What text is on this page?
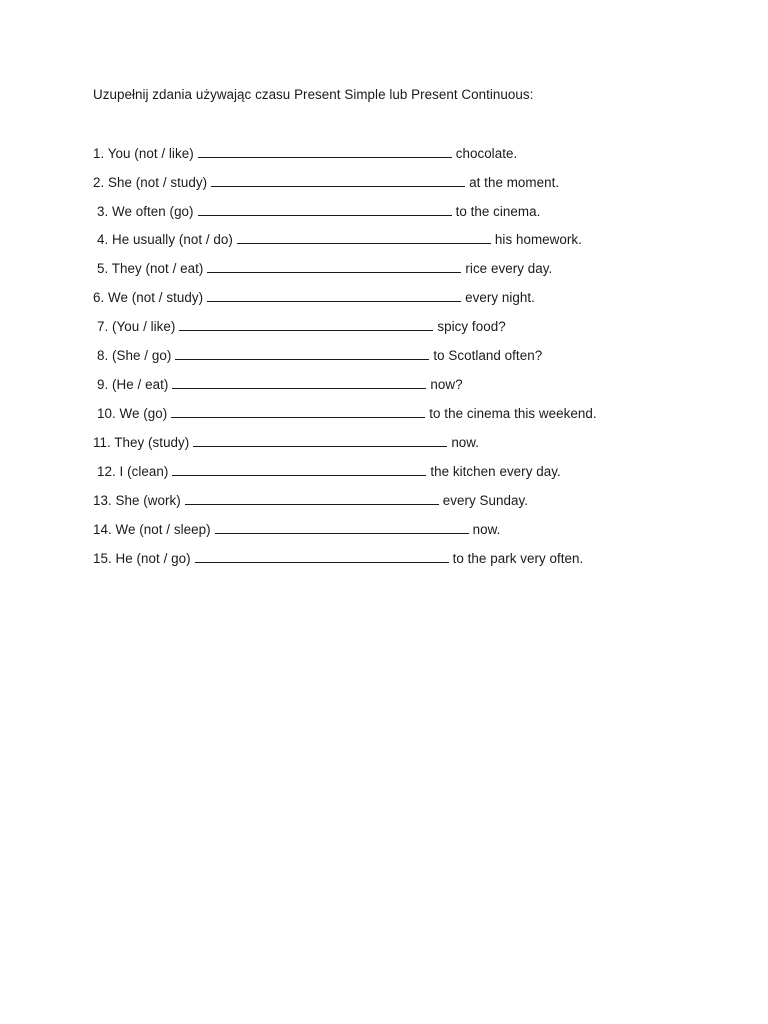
Uzupełnij zdania używając czasu Present Simple lub Present Continuous:
1. You (not / like)	chocolate.
2. She (not / study)	at the moment.
3. We often (go)	to the cinema.
4. He usually (not / do)	his homework.
5. They (not / eat)	rice every day.
6. We (not / study)	every night.
7. (You / like)	spicy food?
8. (She / go)	to Scotland often?
9. (He / eat)	now?
10. We (go)	to the cinema this weekend.
11. They (study)	now.
12. I (clean)	the kitchen every day.
13. She (work)	every Sunday.
14. We (not / sleep)	now.
15. He (not / go)	to the park very often.
